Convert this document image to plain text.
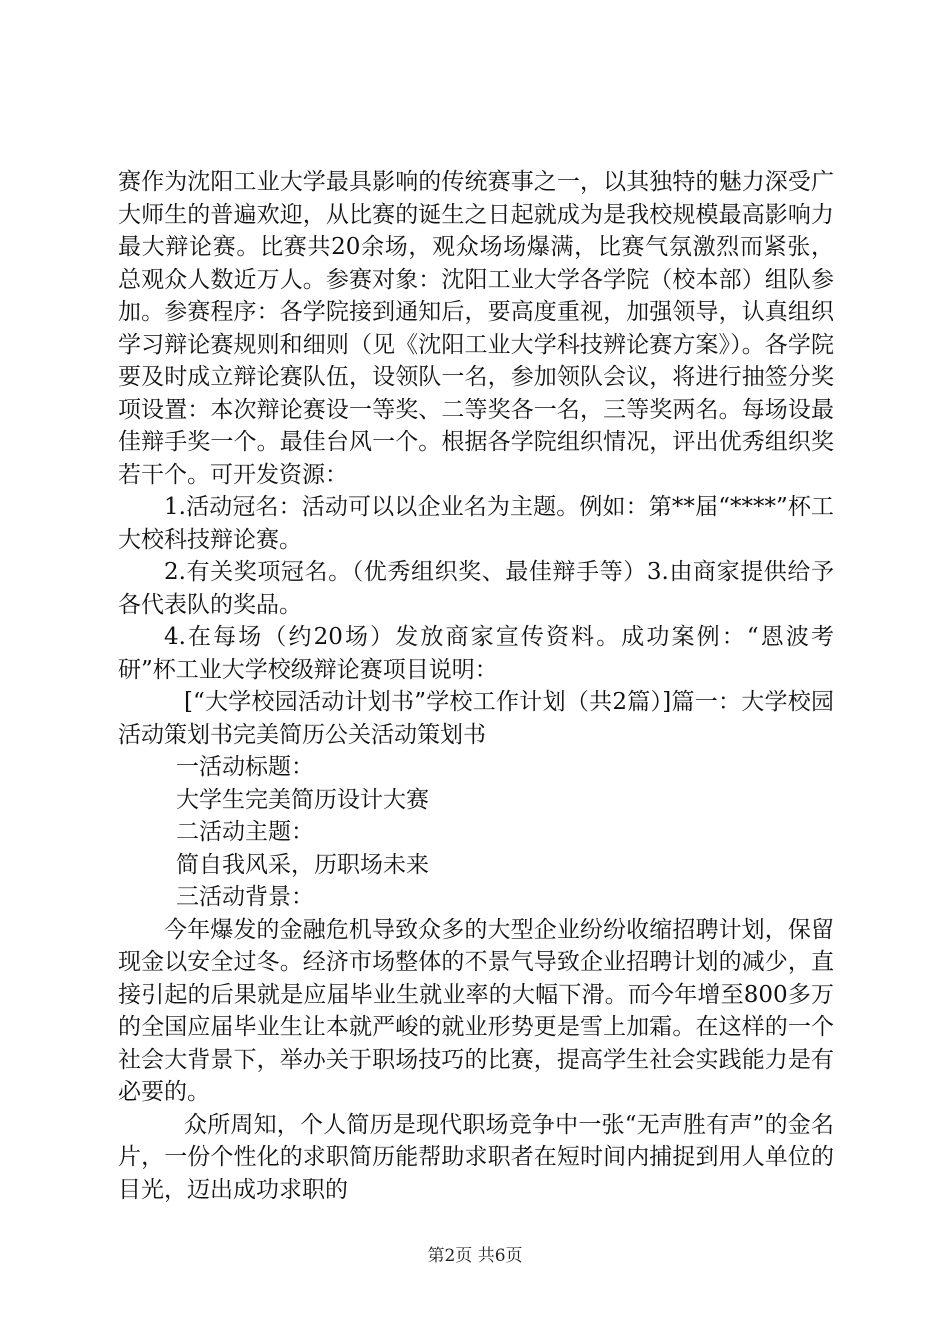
赛作为沈阳工业大学最具影响的传统赛事之一，以其独特的魅力深受广大师生的普遍欢迎，从比赛的诞生之日起就成为是我校规模最高影响力最大辩论赛。比赛共20余场，观众场场爆满，比赛气氛激烈而紧张，总观众人数近万人。参赛对象：沈阳工业大学各学院（校本部）组队参加。参赛程序：各学院接到通知后，要高度重视，加强领导，认真组织学习辩论赛规则和细则（见《沈阳工业大学科技辨论赛方案》）。各学院要及时成立辩论赛队伍，设领队一名，参加领队会议，将进行抽签分奖项设置：本次辩论赛设一等奖、二等奖各一名，三等奖两名。每场设最佳辩手奖一个。最佳台风一个。根据各学院组织情况，评出优秀组织奖若干个。可开发资源：

1.活动冠名：活动可以以企业名为主题。例如：第**届“****”杯工大校科技辩论赛。

2.有关奖项冠名。（优秀组织奖、最佳辩手等）3.由商家提供给予各代表队的奖品。

4.在每场（约20场）发放商家宣传资料。成功案例：“恩波考研”杯工业大学校级辩论赛项目说明：

[“大学校园活动计划书”学校工作计划（共2篇）]篇一：大学校园活动策划书完美简历公关活动策划书

一活动标题：

大学生完美简历设计大赛

二活动主题：

简自我风采，历职场未来

三活动背景：

今年爆发的金融危机导致众多的大型企业纷纷收缩招聘计划，保留现金以安全过冬。经济市场整体的不景气导致企业招聘计划的减少，直接引起的后果就是应届毕业生就业率的大幅下滑。而今年增至800多万的全国应届毕业生让本就严峻的就业形势更是雪上加霜。在这样的一个社会大背景下，举办关于职场技巧的比赛，提高学生社会实践能力是有必要的。

众所周知，个人简历是现代职场竞争中一张“无声胜有声”的金名片，一份个性化的求职简历能帮助求职者在短时间内捕捉到用人单位的目光，迈出成功求职的

第2页 共6页
